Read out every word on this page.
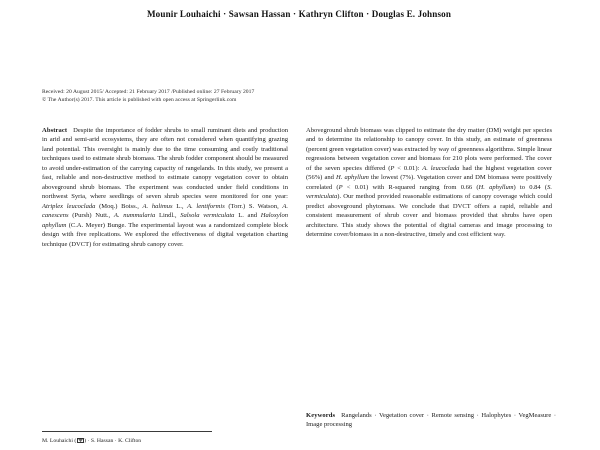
Mounir Louhaichi · Sawsan Hassan · Kathryn Clifton · Douglas E. Johnson
Received: 20 August 2015/ Accepted: 21 February 2017 /Published online: 27 February 2017
© The Author(s) 2017. This article is published with open access at Springerlink.com
Abstract Despite the importance of fodder shrubs to small ruminant diets and production in arid and semi-arid ecosystems, they are often not considered when quantifying grazing land potential. This oversight is mainly due to the time consuming and costly traditional techniques used to estimate shrub biomass. The shrub fodder component should be measured to avoid under-estimation of the carrying capacity of rangelands. In this study, we present a fast, reliable and non-destructive method to estimate canopy vegetation cover to obtain aboveground shrub biomass. The experiment was conducted under field conditions in northwest Syria, where seedlings of seven shrub species were monitored for one year: Atriplex leucoclada (Moq.) Boiss., A. halimus L., A. lentiformis (Torr.) S. Watson, A. canescens (Pursh) Nutt., A. nummularia Lindl., Salsola vermiculata L. and Haloxylon aphyllum (C.A. Meyer) Bunge. The experimental layout was a randomized complete block design with five replications. We explored the effectiveness of digital vegetation charting technique (DVCT) for estimating shrub canopy cover.
Aboveground shrub biomass was clipped to estimate the dry matter (DM) weight per species and to determine its relationship to canopy cover. In this study, an estimate of greenness (percent green vegetation cover) was extracted by way of greenness algorithms. Simple linear regressions between vegetation cover and biomass for 210 plots were performed. The cover of the seven species differed (P < 0.01): A. leucoclada had the highest vegetation cover (56%) and H. aphyllum the lowest (7%). Vegetation cover and DM biomass were positively correlated (P < 0.01) with R-squared ranging from 0.66 (H. aphyllum) to 0.84 (S. vermiculata). Our method provided reasonable estimations of canopy coverage which could predict aboveground phytomass. We conclude that DVCT offers a rapid, reliable and consistent measurement of shrub cover and biomass provided that shrubs have open architecture. This study shows the potential of digital cameras and image processing to determine cover/biomass in a non-destructive, timely and cost efficient way.
Keywords Rangelands · Vegetation cover · Remote sensing · Halophytes · VegMeasure · Image processing
M. Louhaichi ( ) · S. Hassan · K. Clifton
